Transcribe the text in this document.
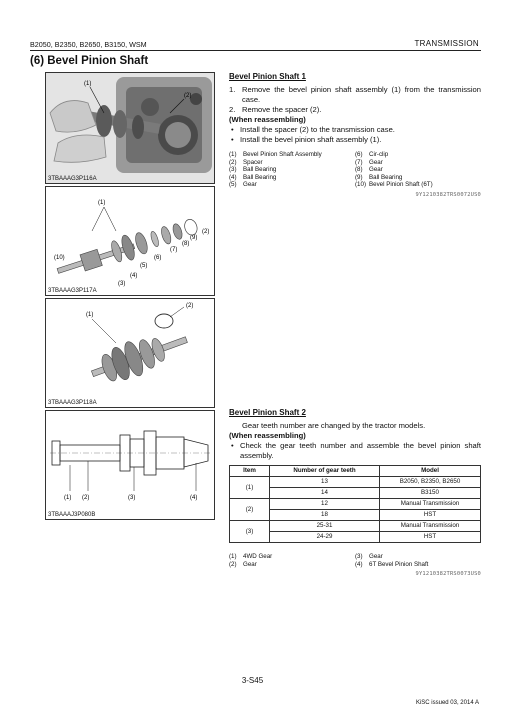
B2050, B2350, B2650, B3150, WSM	TRANSMISSION
(6) Bevel Pinion Shaft
(1)
(2)
3TBAAAG3P116A
(1)
(2)
(3)
(4)
(5)
(6)
(7)
(8)
(9)
(10)
3TBAAAG3P117A
(1)
(2)
3TBAAAG3P118A
(1) (2)	(3)	(4)
3TBAAAJ3P080B
Bevel Pinion Shaft 1
1. Remove the bevel pinion shaft assembly (1) from the transmission case.
2. Remove the spacer (2).
(When reassembling)
• Install the spacer (2) to the transmission case.
• Install the bevel pinion shaft assembly (1).
(1)	Bevel Pinion Shaft Assembly	(6)	Cir-clip
(2)	Spacer	(7)	Gear
(3)	Ball Bearing	(8)	Gear
(4)	Ball Bearing	(9)	Ball Bearing
(5)	Gear	(10) Bevel Pinion Shaft (6T)
9Y1210382TRS0072US0
Bevel Pinion Shaft 2
Gear teeth number are changed by the tractor models.
(When reassembling)
• Check the gear teeth number and assemble the bevel pinion shaft assembly.
Item	Number of gear teeth	Model
(1)	13	B2050, B2350, B2650
	14	B3150
(2)	12	Manual Transmission
	18	HST
(3)	25-31	Manual Transmission
	24-29	HST
(1)	4WD Gear	(3)	Gear
(2)	Gear	(4)	6T Bevel Pinion Shaft
9Y1210382TRS0073US0
3-S45
KiSC issued 03, 2014 A
